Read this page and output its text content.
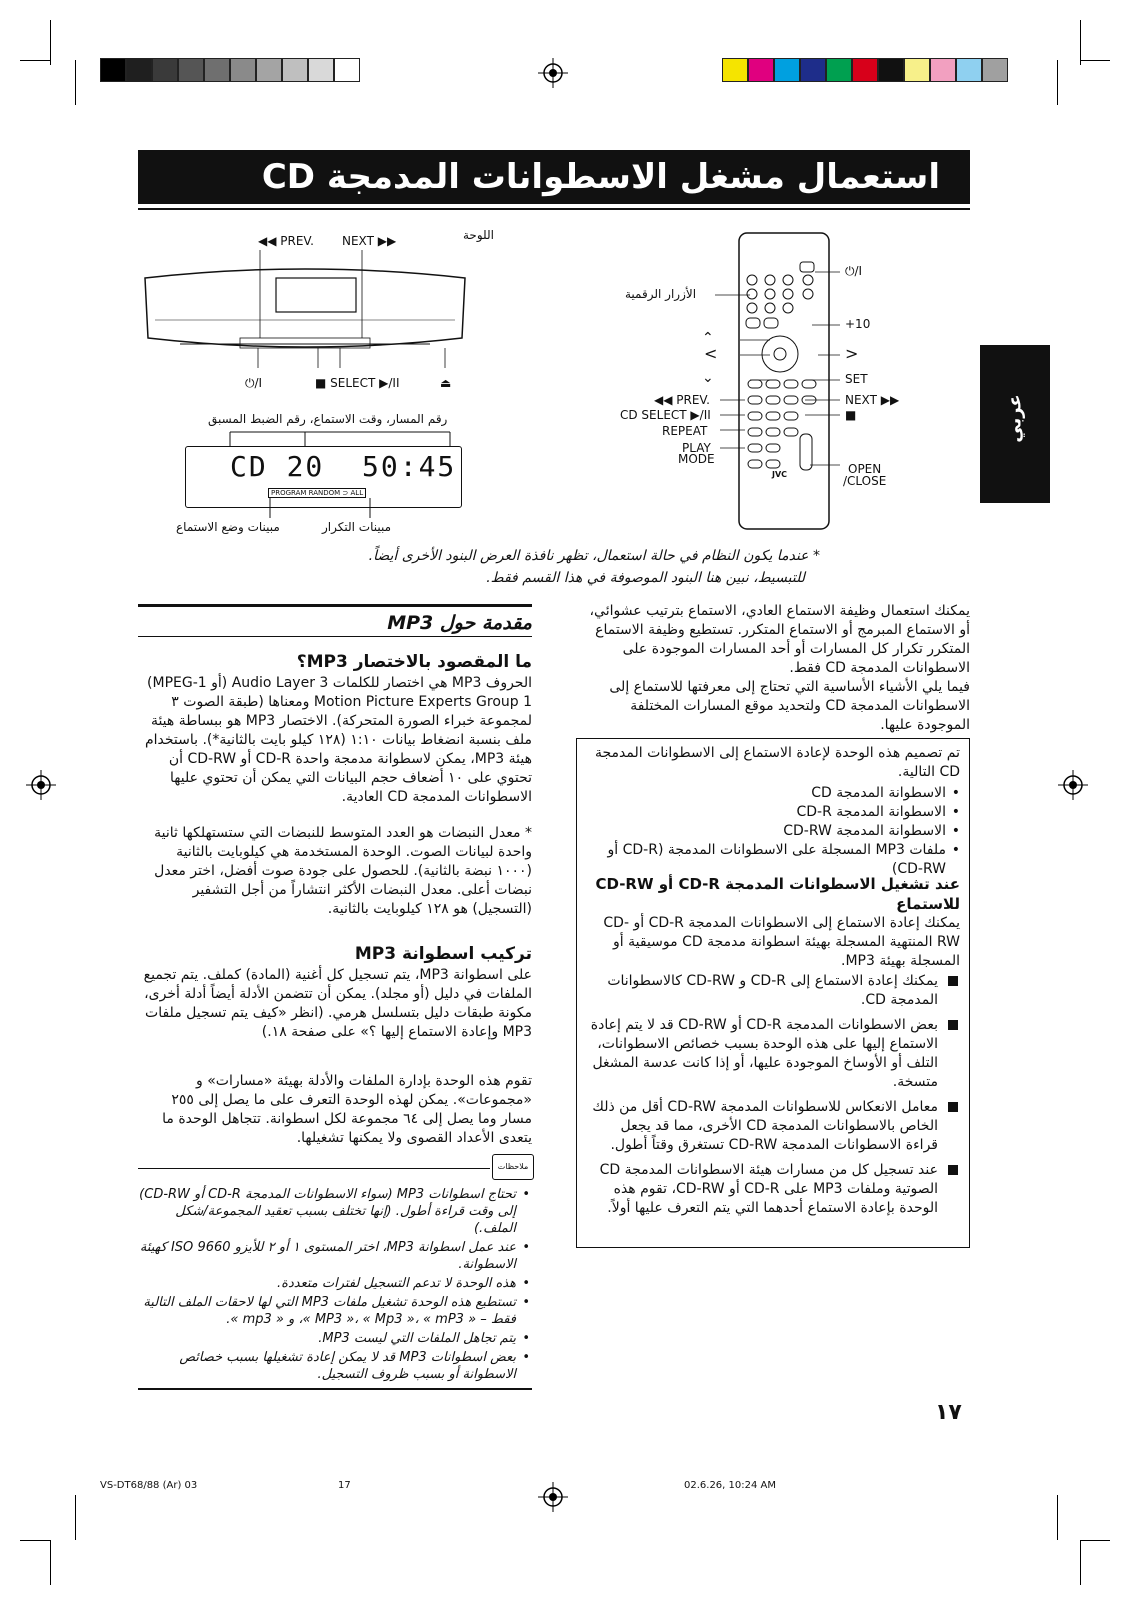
استعمال مشغل الاسطوانات المدمجة CD
عربي
◀◀ PREV. NEXT ▶▶	اللوحة
⏻/I	■ SELECT ▶/II	⏏
رقم المسار، وقت الاستماع، رقم الضبط المسبق
CD 20  50:45
PROGRAM RANDOM ⊃ ALL
مبينات وضع الاستماع	مبينات التكرار
JVC
الأزرار الرقمية
⏻/I
+10
⌃
<	>
⌄	SET
◀◀ PREV.	NEXT ▶▶
CD SELECT ▶/II	■
REPEAT
PLAY
MODE
OPEN
/CLOSE
* عندما يكون النظام في حالة استعمال، تظهر نافذة العرض البنود الأخرى أيضاً.
للتبسيط، نبين هنا البنود الموصوفة في هذا القسم فقط.
مقدمة حول MP3
ما المقصود بالاختصار MP3؟
الحروف MP3 هي اختصار للكلمات Audio Layer 3 (أو MPEG-1) Motion Picture Experts Group 1 ومعناها (طبقة الصوت ٣ لمجموعة خبراء الصورة المتحركة). الاختصار MP3 هو ببساطة هيئة ملف بنسبة انضغاط بيانات ١:١٠ (١٢٨ كيلو بايت بالثانية*). باستخدام هيئة MP3، يمكن لاسطوانة مدمجة واحدة CD-R أو CD-RW أن تحتوي على ١٠ أضعاف حجم البيانات التي يمكن أن تحتوي عليها الاسطوانات المدمجة CD العادية.
* معدل النبضات هو العدد المتوسط للنبضات التي ستستهلكها ثانية واحدة لبيانات الصوت. الوحدة المستخدمة هي كيلوبايت بالثانية (١٠٠٠ نبضة بالثانية). للحصول على جودة صوت أفضل، اختر معدل نبضات أعلى. معدل النبضات الأكثر انتشاراً من أجل التشفير (التسجيل) هو ١٢٨ كيلوبايت بالثانية.
تركيب اسطوانة MP3
على اسطوانة MP3، يتم تسجيل كل أغنية (المادة) كملف. يتم تجميع الملفات في دليل (أو مجلد). يمكن أن تتضمن الأدلة أيضاً أدلة أخرى، مكونة طبقات دليل بتسلسل هرمي. (انظر «كيف يتم تسجيل ملفات MP3 وإعادة الاستماع إليها ؟» على صفحة ١٨.)
تقوم هذه الوحدة بإدارة الملفات والأدلة بهيئة «مسارات» و «مجموعات». يمكن لهذه الوحدة التعرف على ما يصل إلى ٢٥٥ مسار وما يصل إلى ٦٤ مجموعة لكل اسطوانة. تتجاهل الوحدة ما يتعدى الأعداد القصوى ولا يمكنها تشغيلها.
ملاحظات
• تحتاج اسطوانات MP3 (سواء الاسطوانات المدمجة CD-R أو CD-RW) إلى وقت قراءة أطول. (إنها تختلف بسبب تعقيد المجموعة/شكل الملف.)
• عند عمل اسطوانة MP3، اختر المستوى ١ أو ٢ للأيزو 9660 ISO كهيئة الاسطوانة.
• هذه الوحدة لا تدعم التسجيل لفترات متعددة.
• تستطيع هذه الوحدة تشغيل ملفات MP3 التي لها لاحقات الملف التالية فقط – « MP3 »، « Mp3 »، « mP3 »، و « mp3 ».
• يتم تجاهل الملفات التي ليست MP3.
• بعض اسطوانات MP3 قد لا يمكن إعادة تشغيلها بسبب خصائص الاسطوانة أو بسبب ظروف التسجيل.
يمكنك استعمال وظيفة الاستماع العادي، الاستماع بترتيب عشوائي، أو الاستماع المبرمج أو الاستماع المتكرر. تستطيع وظيفة الاستماع المتكرر تكرار كل المسارات أو أحد المسارات الموجودة على الاسطوانات المدمجة CD فقط.
فيما يلي الأشياء الأساسية التي تحتاج إلى معرفتها للاستماع إلى الاسطوانات المدمجة CD ولتحديد موقع المسارات المختلفة الموجودة عليها.
تم تصميم هذه الوحدة لإعادة الاستماع إلى الاسطوانات المدمجة CD التالية.
• الاسطوانة المدمجة CD
• الاسطوانة المدمجة CD-R
• الاسطوانة المدمجة CD-RW
• ملفات MP3 المسجلة على الاسطوانات المدمجة (CD-R أو CD-RW)
عند تشغيل الاسطوانات المدمجة CD-R أو CD-RW للاستماع
يمكنك إعادة الاستماع إلى الاسطوانات المدمجة CD-R أو CD-RW المنتهية المسجلة بهيئة اسطوانة مدمجة CD موسيقية أو المسجلة بهيئة MP3.
يمكنك إعادة الاستماع إلى CD-R و CD-RW كالاسطوانات المدمجة CD.
بعض الاسطوانات المدمجة CD-R أو CD-RW قد لا يتم إعادة الاستماع إليها على هذه الوحدة بسبب خصائص الاسطوانات، التلف أو الأوساخ الموجودة عليها، أو إذا كانت عدسة المشغل متسخة.
معامل الانعكاس للاسطوانات المدمجة CD-RW أقل من ذلك الخاص بالاسطوانات المدمجة CD الأخرى، مما قد يجعل قراءة الاسطوانات المدمجة CD-RW تستغرق وقتاً أطول.
عند تسجيل كل من مسارات هيئة الاسطوانات المدمجة CD الصوتية وملفات MP3 على CD-R أو CD-RW، تقوم هذه الوحدة بإعادة الاستماع أحدهما التي يتم التعرف عليها أولاً.
١٧
VS-DT68/88 (Ar) 03	17	02.6.26, 10:24 AM
